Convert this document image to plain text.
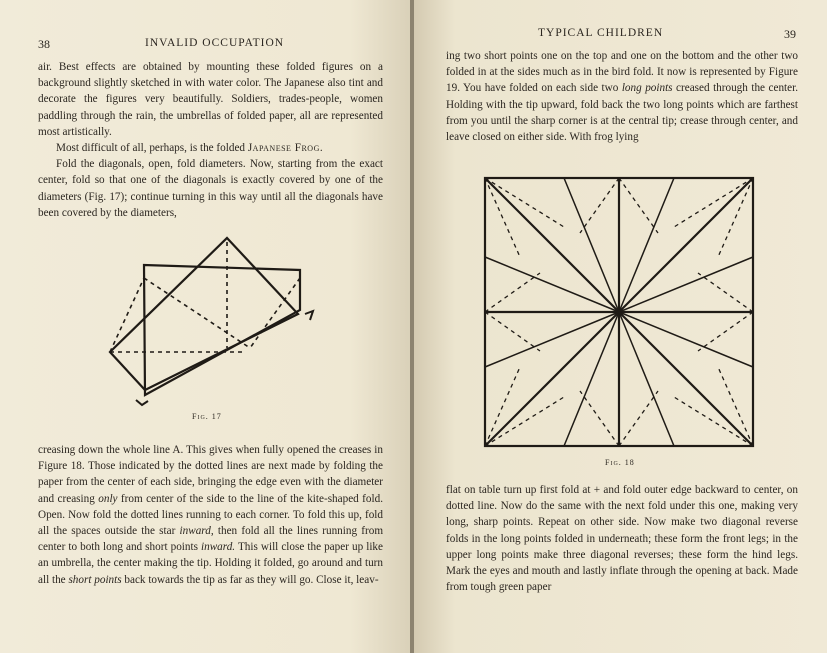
38	INVALID OCCUPATION

air. Best effects are obtained by mounting these folded figures on a background slightly sketched in with water color. The Japanese also tint and decorate the figures very beautifully. Soldiers, trades-people, women paddling through the rain, the umbrellas of folded paper, all are represented most artistically.

Most difficult of all, perhaps, is the folded Japanese Frog.

Fold the diagonals, open, fold diameters. Now, starting from the exact center, fold so that one of the diagonals is exactly covered by one of the diameters (Fig. 17); continue turning in this way until all the diagonals have been covered by the diameters,

Fig. 17

creasing down the whole line A. This gives when fully opened the creases in Figure 18. Those indicated by the dotted lines are next made by folding the paper from the center of each side, bringing the edge even with the diameter and creasing only from center of the side to the line of the kite-shaped fold. Open. Now fold the dotted lines running to each corner. To fold this up, fold all the spaces outside the star inward, then fold all the lines running from center to both long and short points inward. This will close the paper up like an umbrella, the center making the tip. Holding it folded, go around and turn all the short points back towards the tip as far as they will go. Close it, leav-

TYPICAL CHILDREN	39

ing two short points one on the top and one on the bottom and the other two folded in at the sides much as in the bird fold. It now is represented by Figure 19. You have folded on each side two long points creased through the center. Holding with the tip upward, fold back the two long points which are farthest from you until the sharp corner is at the central tip; crease through center, and leave closed on either side. With frog lying

Fig. 18

flat on table turn up first fold at + and fold outer edge backward to center, on dotted line. Now do the same with the next fold under this one, making very long, sharp points. Repeat on other side. Now make two diagonal reverse folds in the long points folded in underneath; these form the front legs; in the upper long points make three diagonal reverses; these form the hind legs. Mark the eyes and mouth and lastly inflate through the opening at back. Made from tough green paper
